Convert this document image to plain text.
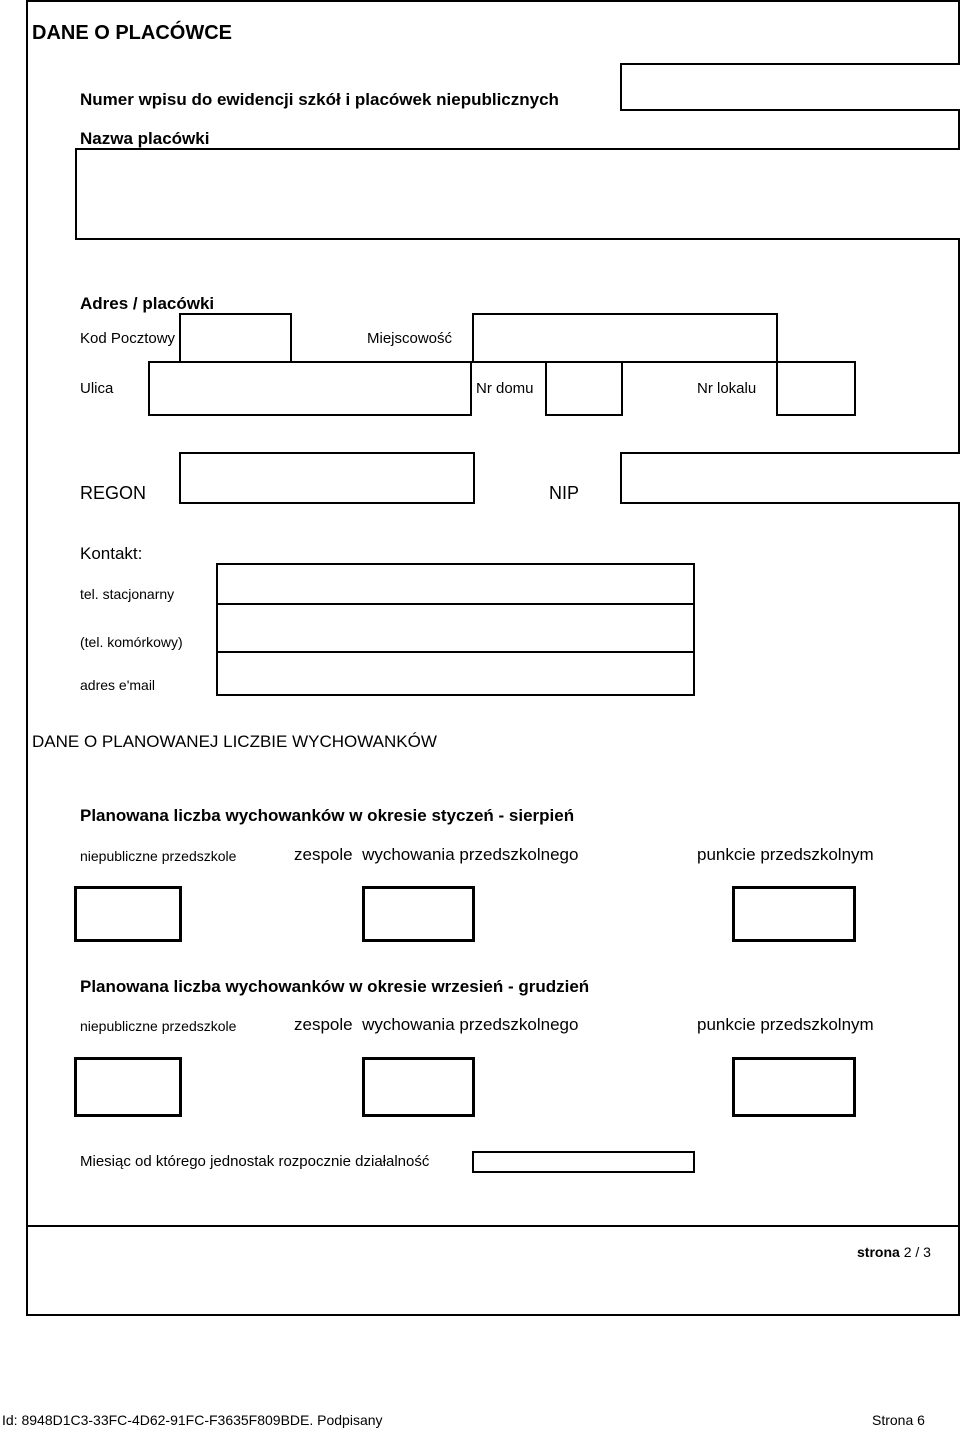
DANE O PLACÓWCE
Numer wpisu do ewidencji szkół i placówek niepublicznych
Nazwa placówki
Adres / placówki
Kod Pocztowy	Miejscowość
Ulica	Nr domu	Nr lokalu
REGON	NIP
Kontakt:
tel. stacjonarny
(tel. komórkowy)
adres e'mail
DANE O PLANOWANEJ LICZBIE WYCHOWANKÓW
Planowana liczba wychowanków w okresie styczeń - sierpień
niepubliczne przedszkole	zespole wychowania przedszkolnego	punkcie przedszkolnym
Planowana liczba wychowanków w okresie wrzesień - grudzień
niepubliczne przedszkole	zespole wychowania przedszkolnego	punkcie przedszkolnym
Miesiąc od którego jednostak rozpocznie działalność
strona 2 / 3
Id: 8948D1C3-33FC-4D62-91FC-F3635F809BDE. Podpisany	Strona 6
